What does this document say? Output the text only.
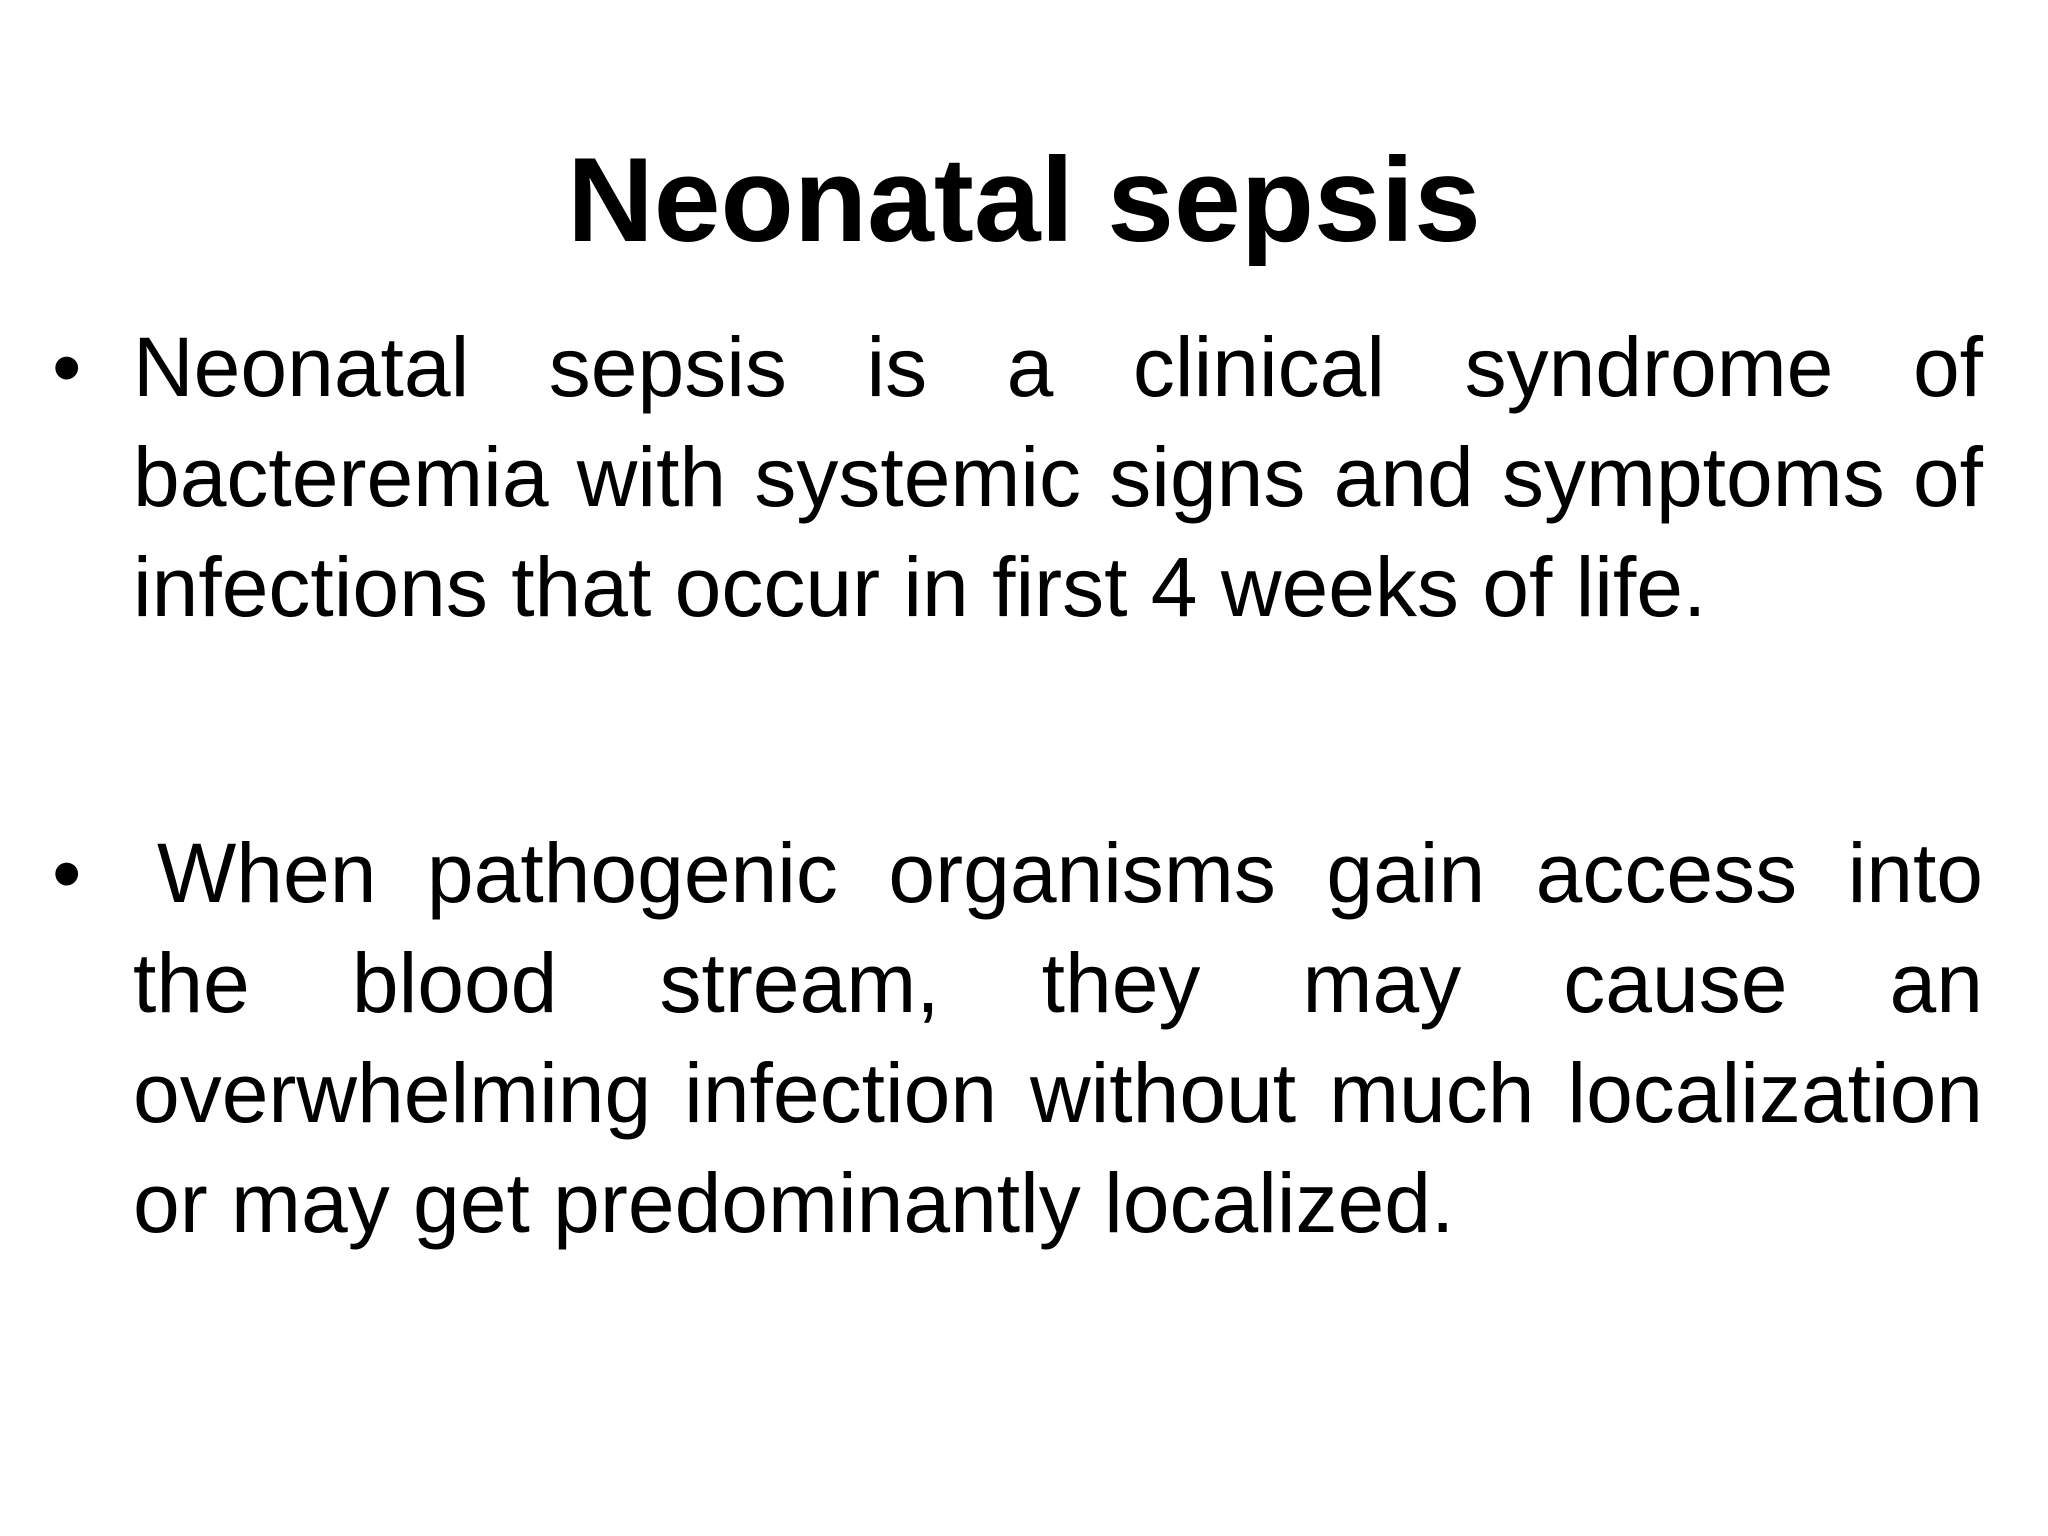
Neonatal sepsis
• Neonatal sepsis is a clinical syndrome of bacteremia with systemic signs and symptoms of infections that occur in first 4 weeks of life.

• When pathogenic organisms gain access into the blood stream, they may cause an overwhelming infection without much localization or may get predominantly localized.
